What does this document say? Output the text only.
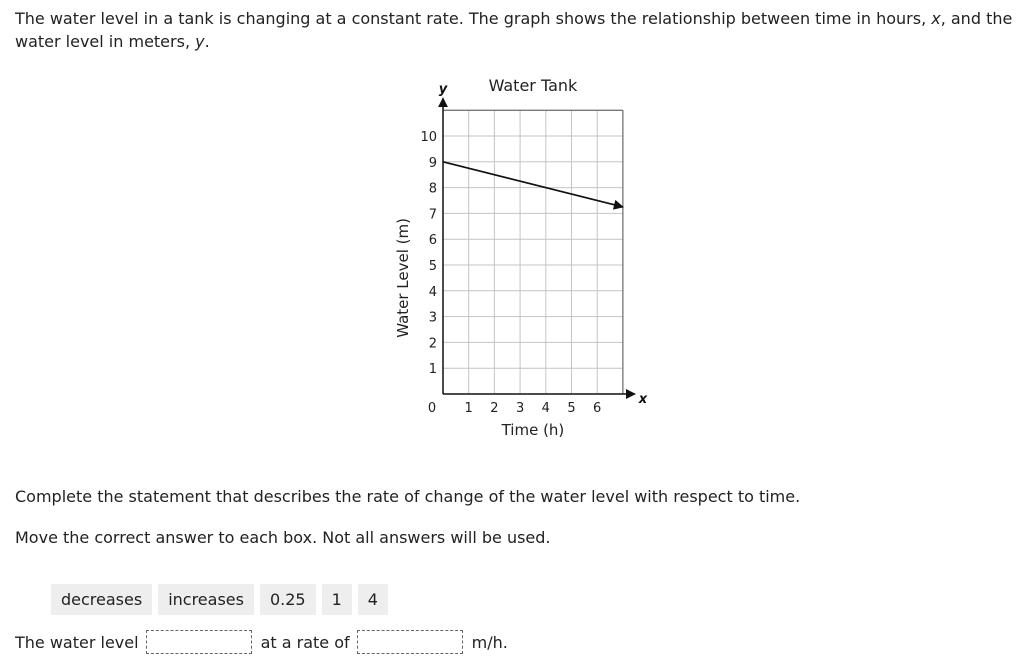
The water level in a tank is changing at a constant rate. The graph shows the relationship between time in hours, x, and the water level in meters, y.
y
x
1
2
3
4
5
6
7
8
9
10
1 2 3 4 5 6
0
Water Tank
Time (h)
Water Level (m)
Complete the statement that describes the rate of change of the water level with respect to time.
Move the correct answer to each box. Not all answers will be used.
decreases	increases	0.25	1	4
The water level	at a rate of	m/h.
